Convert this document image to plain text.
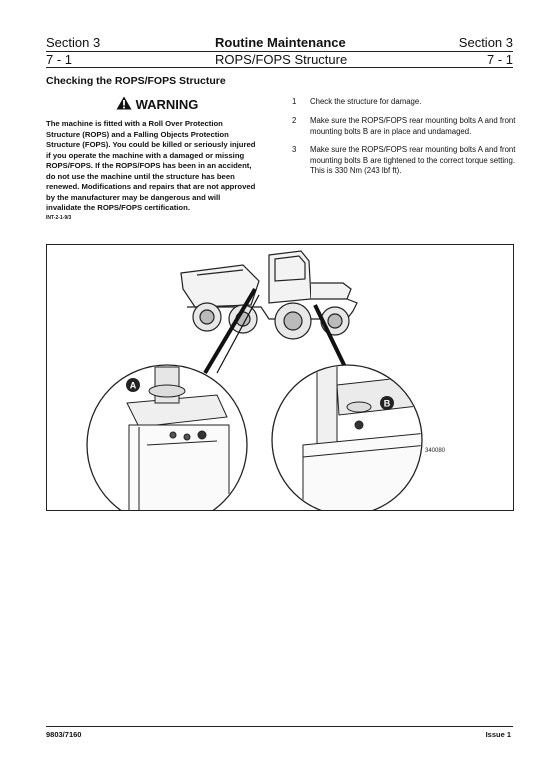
Section 3	Routine Maintenance	Section 3
7 - 1	ROPS/FOPS Structure	7 - 1
Checking the ROPS/FOPS Structure
WARNING
The machine is fitted with a Roll Over Protection
Structure (ROPS) and a Falling Objects Protection
Structure (FOPS). You could be killed or seriously injured
if you operate the machine with a damaged or missing
ROPS/FOPS. If the ROPS/FOPS has been in an accident,
do not use the machine until the structure has been
renewed. Modifications and repairs that are not approved
by the manufacturer may be dangerous and will
invalidate the ROPS/FOPS certification.
INT-2-1-9/3
1 Check the structure for damage.
2 Make sure the ROPS/FOPS rear mounting bolts A and front mounting bolts B are in place and undamaged.
3 Make sure the ROPS/FOPS rear mounting bolts A and front mounting bolts B are tightened to the correct torque setting. This is 330 Nm (243 lbf ft).
A
B
340080
9803/7160	Issue 1
